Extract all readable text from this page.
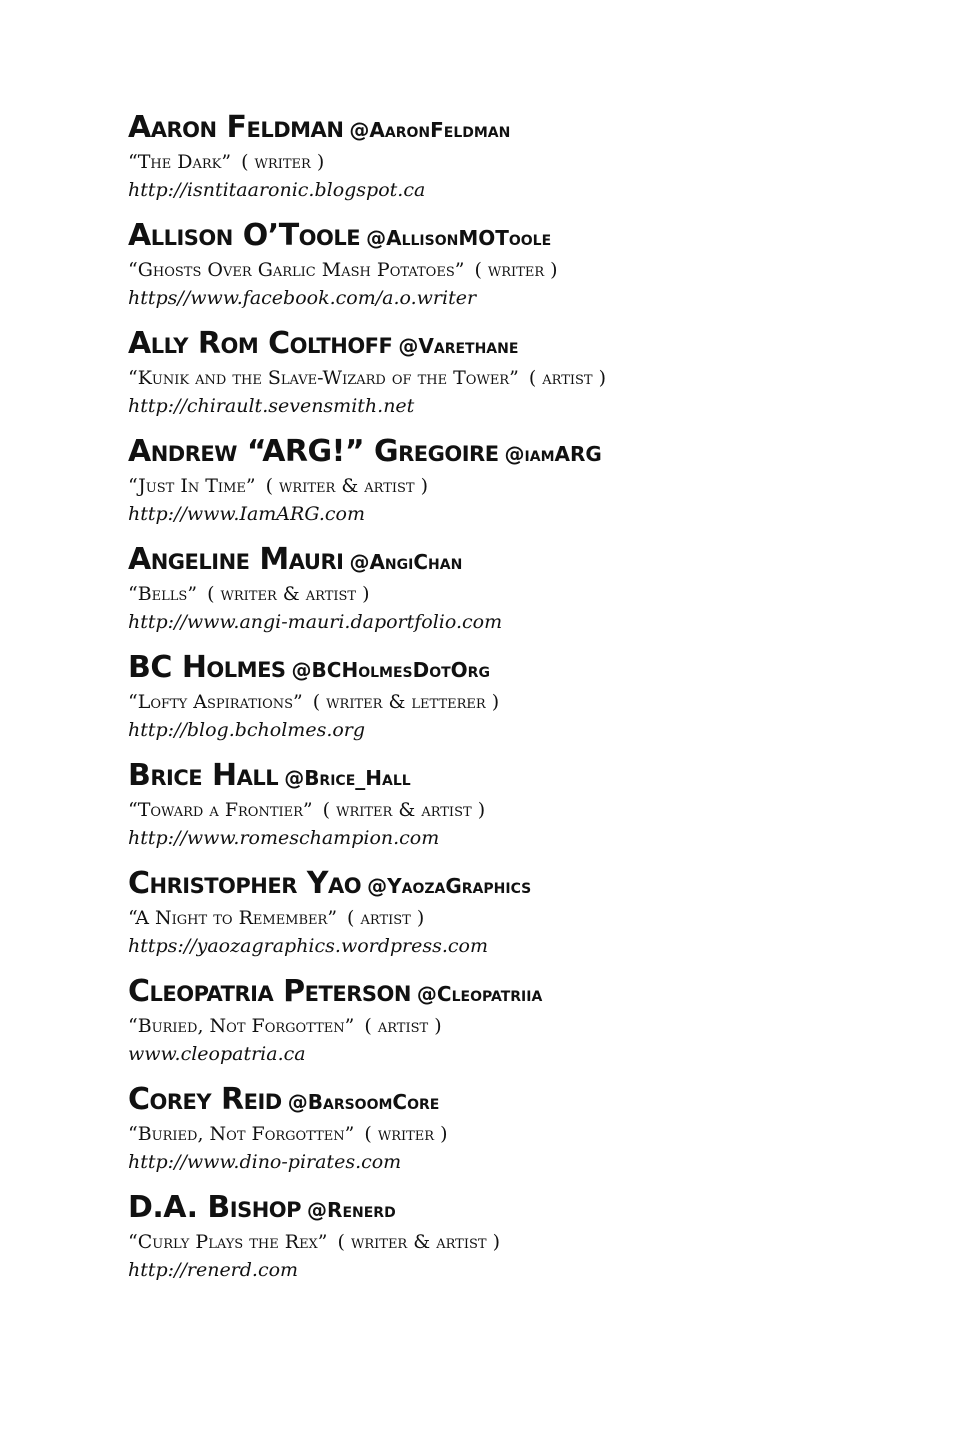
Aaron Feldman @AaronFeldman
“The Dark” ( writer )
http://isntitaaronic.blogspot.ca
Allison O’Toole @AllisonMOToole
“Ghosts Over Garlic Mash Potatoes” ( writer )
https//www.facebook.com/a.o.writer
Ally Rom Colthoff @Varethane
“Kunik and the Slave-Wizard of the Tower” ( artist )
http://chirault.sevensmith.net
Andrew “ARG!” Gregoire @iamARG
“Just In Time” ( writer & artist )
http://www.IamARG.com
Angeline Mauri @AngiChan
“Bells” ( writer & artist )
http://www.angi-mauri.daportfolio.com
BC Holmes @BCHolmesDotOrg
“Lofty Aspirations” ( writer & letterer )
http://blog.bcholmes.org
Brice Hall @Brice_Hall
“Toward a Frontier” ( writer & artist )
http://www.romeschampion.com
Christopher Yao @YaozaGraphics
“A Night to Remember” ( artist )
https://yaozagraphics.wordpress.com
Cleopatria Peterson @Cleopatriia
“Buried, Not Forgotten” ( artist )
www.cleopatria.ca
Corey Reid @BarsoomCore
“Buried, Not Forgotten” ( writer )
http://www.dino-pirates.com
D.A. Bishop @Renerd
“Curly Plays the Rex” ( writer & artist )
http://renerd.com
